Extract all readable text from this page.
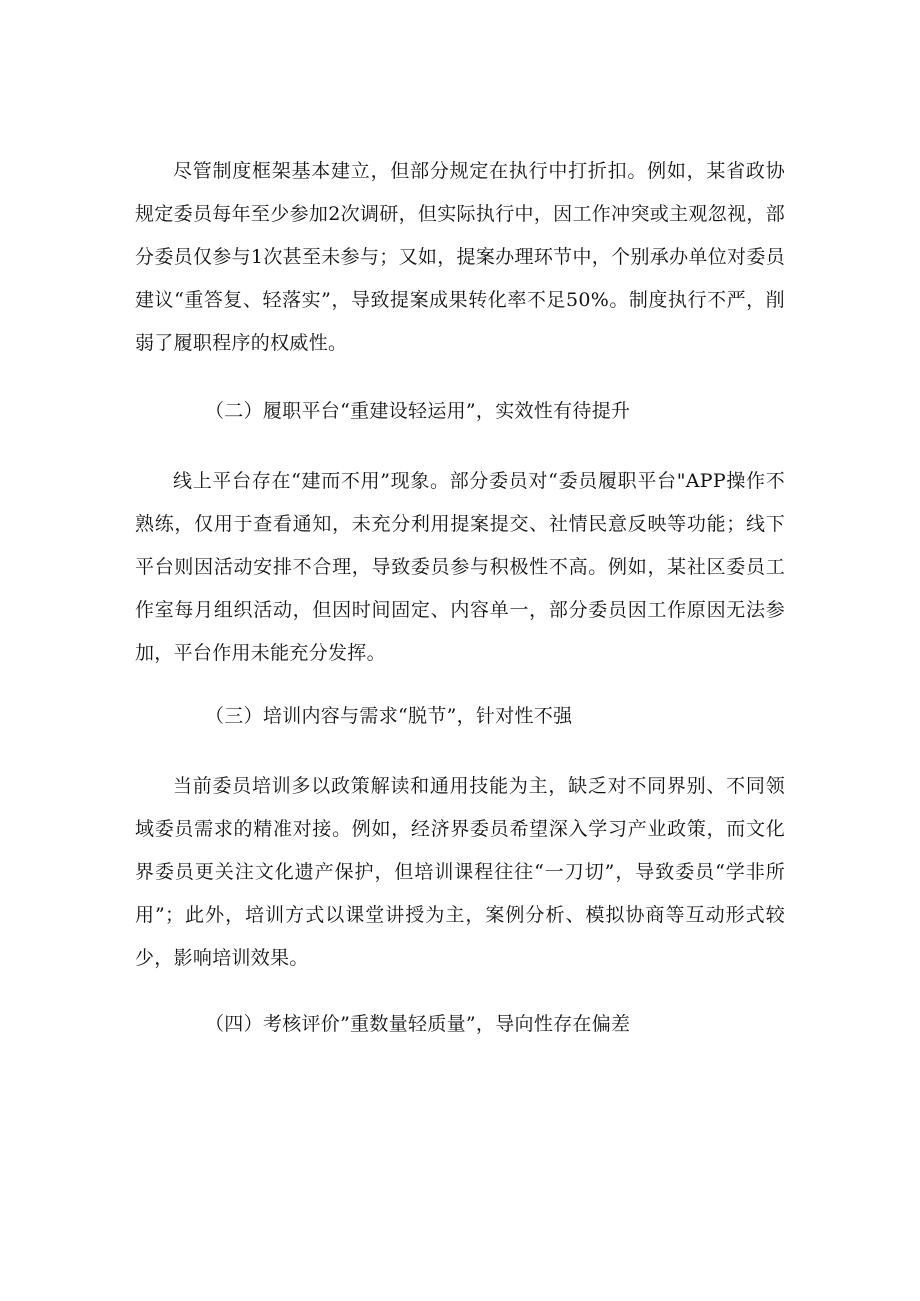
尽管制度框架基本建立，但部分规定在执行中打折扣。例如，某省政协规定委员每年至少参加2次调研，但实际执行中，因工作冲突或主观忽视，部分委员仅参与1次甚至未参与；又如，提案办理环节中，个别承办单位对委员建议“重答复、轻落实”，导致提案成果转化率不足50%。制度执行不严，削弱了履职程序的权威性。

（二）履职平台“重建设轻运用”，实效性有待提升

线上平台存在“建而不用”现象。部分委员对“委员履职平台"APP操作不熟练，仅用于查看通知，未充分利用提案提交、社情民意反映等功能；线下平台则因活动安排不合理，导致委员参与积极性不高。例如，某社区委员工作室每月组织活动，但因时间固定、内容单一，部分委员因工作原因无法参加，平台作用未能充分发挥。

（三）培训内容与需求“脱节”，针对性不强

当前委员培训多以政策解读和通用技能为主，缺乏对不同界别、不同领域委员需求的精准对接。例如，经济界委员希望深入学习产业政策，而文化界委员更关注文化遗产保护，但培训课程往往“一刀切”，导致委员“学非所用”；此外，培训方式以课堂讲授为主，案例分析、模拟协商等互动形式较少，影响培训效果。

（四）考核评价”重数量轻质量”，导向性存在偏差
